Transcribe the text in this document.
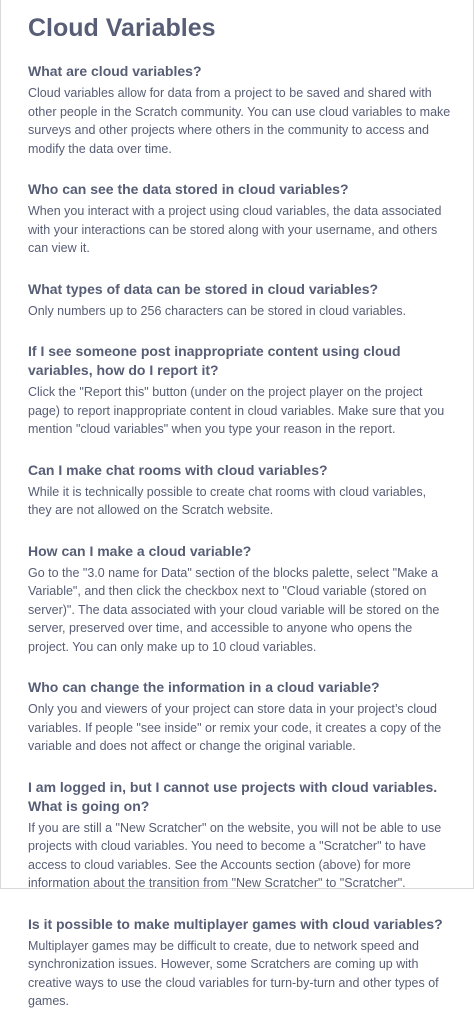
Cloud Variables
What are cloud variables?

Cloud variables allow for data from a project to be saved and shared with other people in the Scratch community. You can use cloud variables to make surveys and other projects where others in the community to access and modify the data over time.

Who can see the data stored in cloud variables?

When you interact with a project using cloud variables, the data associated with your interactions can be stored along with your username, and others can view it.

What types of data can be stored in cloud variables?

Only numbers up to 256 characters can be stored in cloud variables.

If I see someone post inappropriate content using cloud variables, how do I report it?

Click the "Report this" button (under on the project player on the project page) to report inappropriate content in cloud variables. Make sure that you mention "cloud variables" when you type your reason in the report.

Can I make chat rooms with cloud variables?

While it is technically possible to create chat rooms with cloud variables, they are not allowed on the Scratch website.

How can I make a cloud variable?

Go to the "3.0 name for Data" section of the blocks palette, select "Make a Variable", and then click the checkbox next to "Cloud variable (stored on server)". The data associated with your cloud variable will be stored on the server, preserved over time, and accessible to anyone who opens the project. You can only make up to 10 cloud variables.

Who can change the information in a cloud variable?

Only you and viewers of your project can store data in your project’s cloud variables. If people "see inside" or remix your code, it creates a copy of the variable and does not affect or change the original variable.

I am logged in, but I cannot use projects with cloud variables. What is going on?

If you are still a "New Scratcher" on the website, you will not be able to use projects with cloud variables. You need to become a "Scratcher" to have access to cloud variables. See the Accounts section (above) for more information about the transition from "New Scratcher" to "Scratcher".

Is it possible to make multiplayer games with cloud variables?

Multiplayer games may be difficult to create, due to network speed and synchronization issues. However, some Scratchers are coming up with creative ways to use the cloud variables for turn-by-turn and other types of games.
